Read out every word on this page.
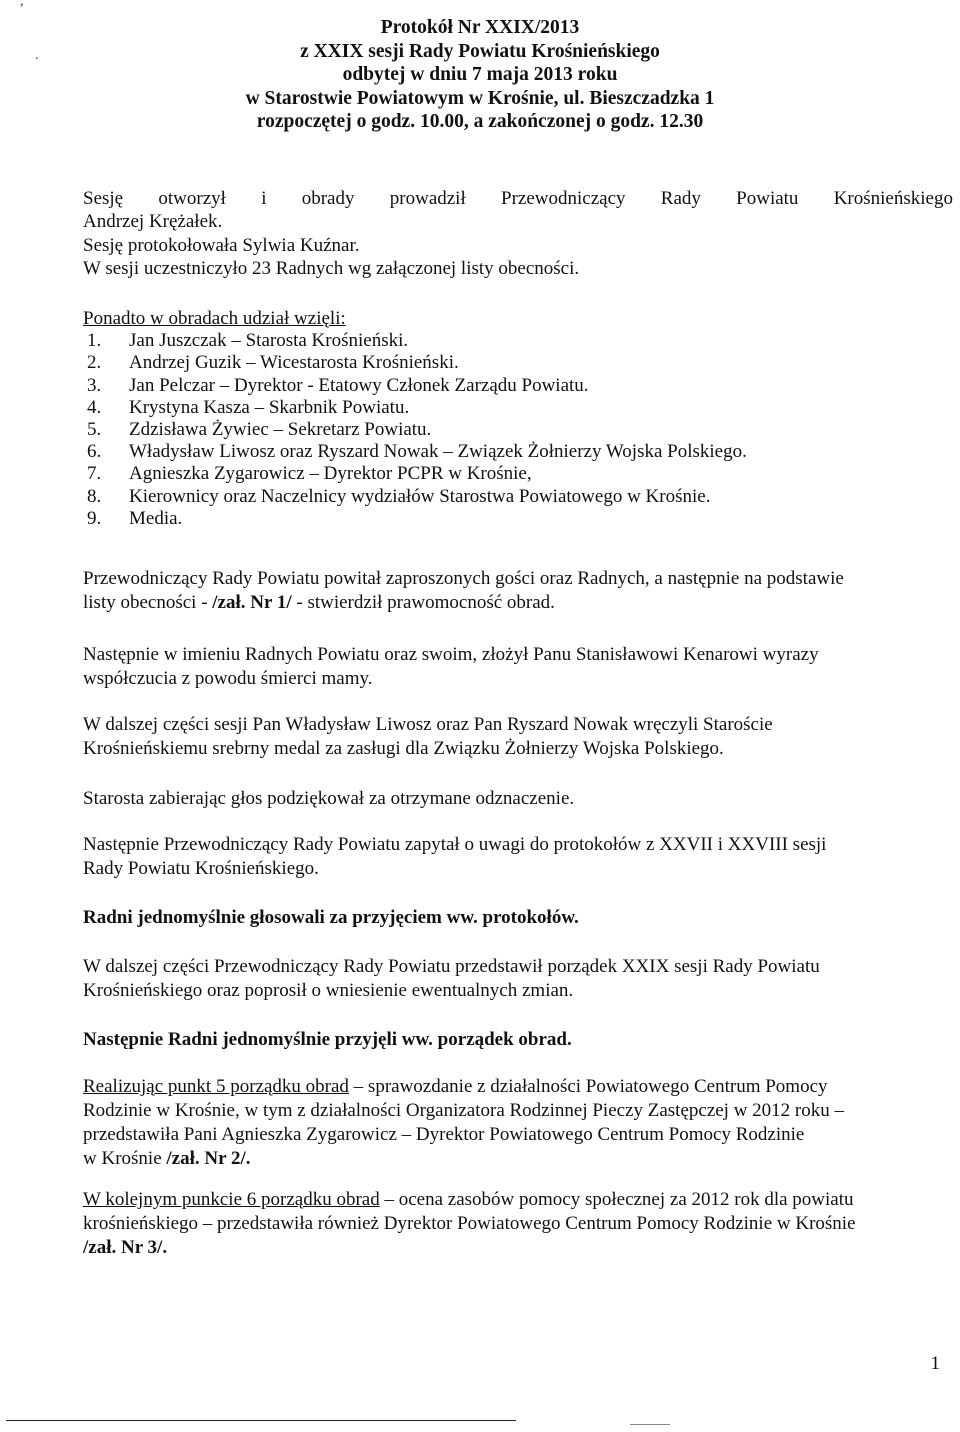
,
.
Protokół Nr XXIX/2013
z XXIX sesji Rady Powiatu Krośnieńskiego
odbytej w dniu 7 maja 2013 roku
w Starostwie Powiatowym w Krośnie, ul. Bieszczadzka 1
rozpoczętej o godz. 10.00, a zakończonej o godz. 12.30
Sesję otworzył i obrady prowadził Przewodniczący Rady Powiatu Krośnieńskiego
Andrzej Krężałek.
Sesję protokołowała Sylwia Kuźnar.
W sesji uczestniczyło 23 Radnych wg załączonej listy obecności.
Ponadto w obradach udział wzięli:
1.	Jan Juszczak – Starosta Krośnieński.
2.	Andrzej Guzik – Wicestarosta Krośnieński.
3.	Jan Pelczar – Dyrektor - Etatowy Członek Zarządu Powiatu.
4.	Krystyna Kasza – Skarbnik Powiatu.
5.	Zdzisława Żywiec – Sekretarz Powiatu.
6.	Władysław Liwosz oraz Ryszard Nowak – Związek Żołnierzy Wojska Polskiego.
7.	Agnieszka Zygarowicz – Dyrektor PCPR w Krośnie,
8.	Kierownicy oraz Naczelnicy wydziałów Starostwa Powiatowego w Krośnie.
9.	Media.
Przewodniczący Rady Powiatu powitał zaproszonych gości oraz Radnych, a następnie na podstawie
listy obecności - /zał. Nr 1/ - stwierdził prawomocność obrad.
Następnie w imieniu Radnych Powiatu oraz swoim, złożył Panu Stanisławowi Kenarowi wyrazy
współczucia z powodu śmierci mamy.
W dalszej części sesji Pan Władysław Liwosz oraz Pan Ryszard Nowak wręczyli Staroście
Krośnieńskiemu srebrny medal za zasługi dla Związku Żołnierzy Wojska Polskiego.
Starosta zabierając głos podziękował za otrzymane odznaczenie.
Następnie Przewodniczący Rady Powiatu zapytał o uwagi do protokołów z XXVII i XXVIII sesji
Rady Powiatu Krośnieńskiego.
Radni jednomyślnie głosowali za przyjęciem ww. protokołów.
W dalszej części Przewodniczący Rady Powiatu przedstawił porządek XXIX sesji Rady Powiatu
Krośnieńskiego oraz poprosił o wniesienie ewentualnych zmian.
Następnie Radni jednomyślnie przyjęli ww. porządek obrad.
Realizując punkt 5 porządku obrad – sprawozdanie z działalności Powiatowego Centrum Pomocy
Rodzinie w Krośnie, w tym z działalności Organizatora Rodzinnej Pieczy Zastępczej w 2012 roku –
przedstawiła Pani Agnieszka Zygarowicz – Dyrektor Powiatowego Centrum Pomocy Rodzinie
w Krośnie /zał. Nr 2/.
W kolejnym punkcie 6 porządku obrad – ocena zasobów pomocy społecznej za 2012 rok dla powiatu
krośnieńskiego – przedstawiła również Dyrektor Powiatowego Centrum Pomocy Rodzinie w Krośnie
/zał. Nr 3/.
1
